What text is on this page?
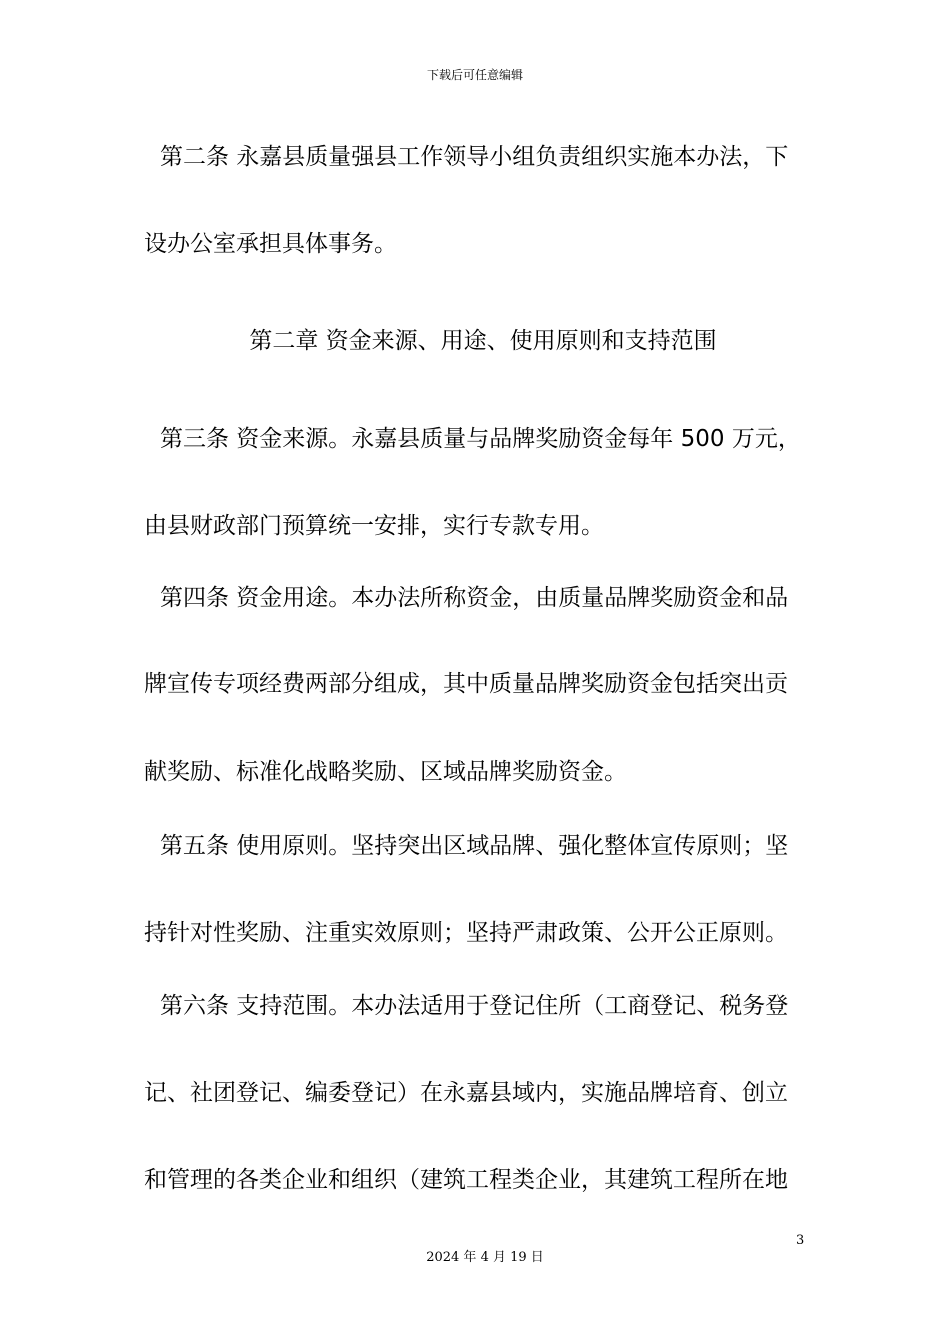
下载后可任意编辑
第二条 永嘉县质量强县工作领导小组负责组织实施本办法，下
设办公室承担具体事务。
第二章 资金来源、用途、使用原则和支持范围
第三条 资金来源。永嘉县质量与品牌奖励资金每年 500 万元，
由县财政部门预算统一安排，实行专款专用。
第四条 资金用途。本办法所称资金，由质量品牌奖励资金和品
牌宣传专项经费两部分组成，其中质量品牌奖励资金包括突出贡
献奖励、标准化战略奖励、区域品牌奖励资金。
第五条 使用原则。坚持突出区域品牌、强化整体宣传原则；坚
持针对性奖励、注重实效原则；坚持严肃政策、公开公正原则。
第六条 支持范围。本办法适用于登记住所（工商登记、税务登
记、社团登记、编委登记）在永嘉县域内，实施品牌培育、创立
和管理的各类企业和组织（建筑工程类企业，其建筑工程所在地
3
2024 年 4 月 19 日
